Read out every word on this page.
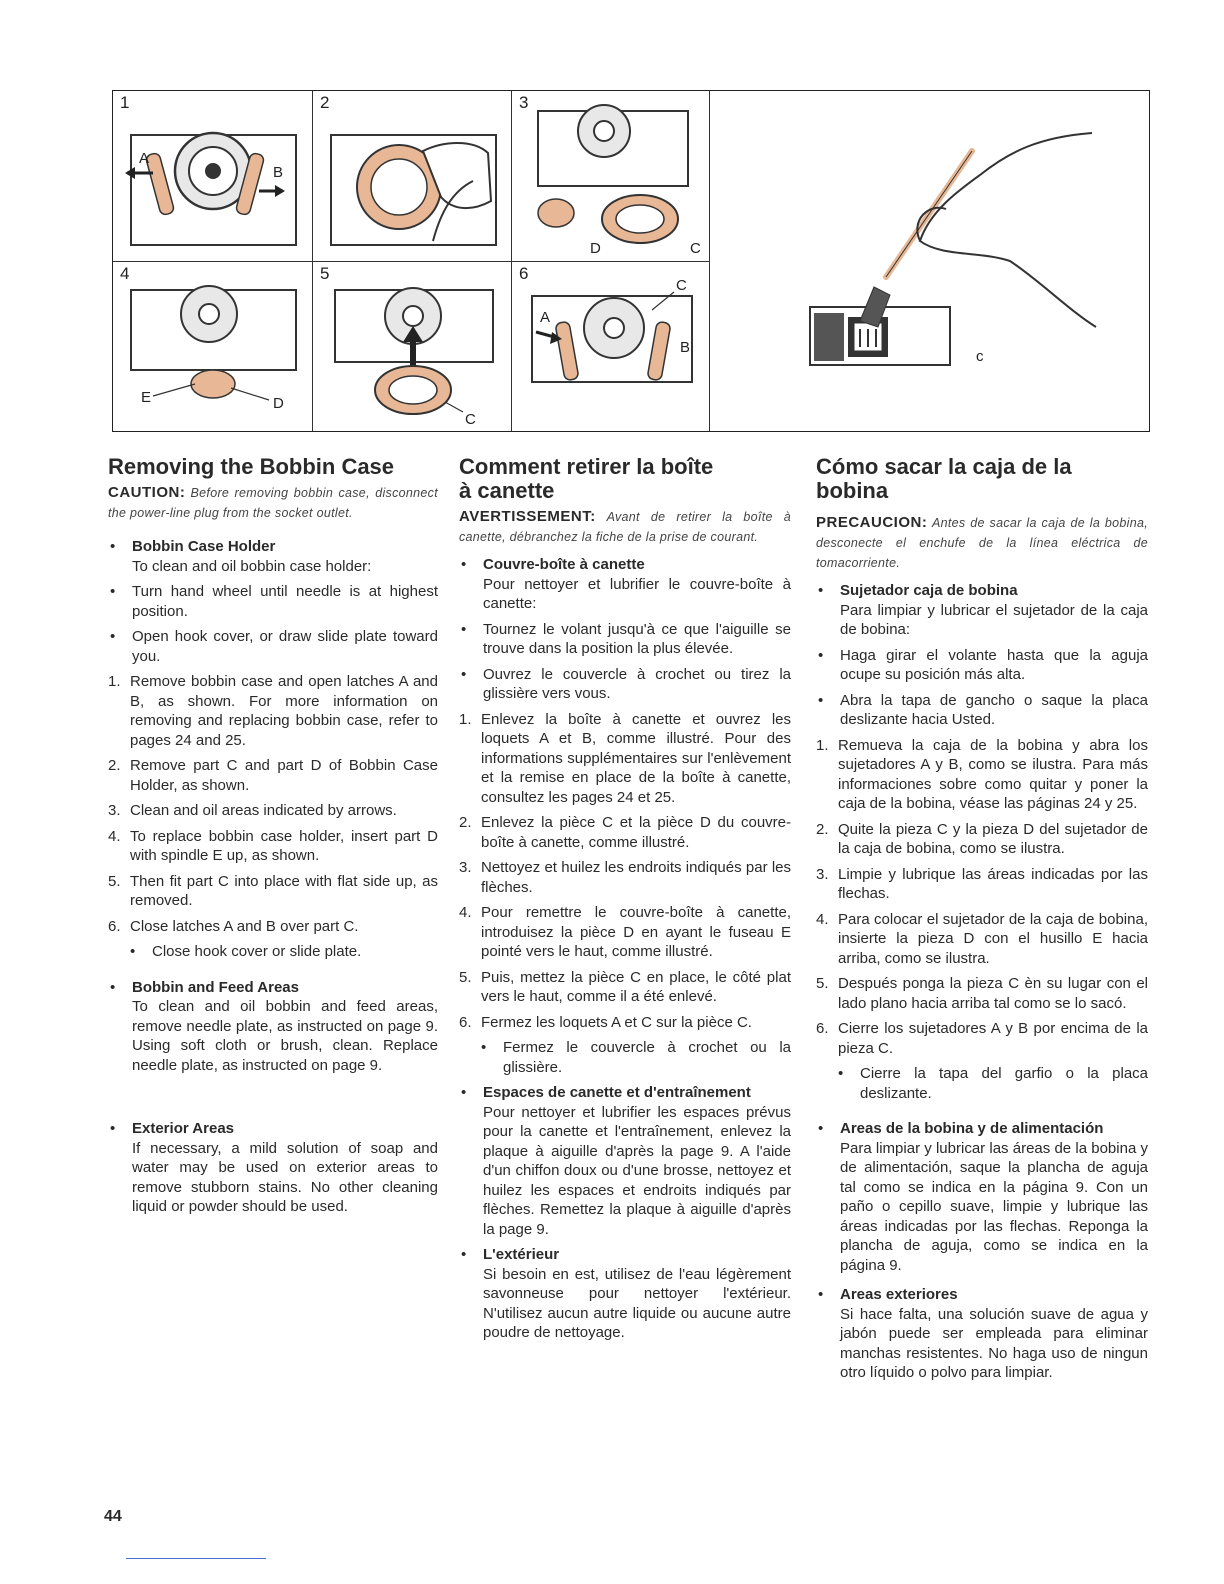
1
A
B
2	3
D	C
4
E	D
5
C
6
A
C
B
c
Removing the Bobbin Case

CAUTION: Before removing bobbin case, disconnect the power-line plug from the socket outlet.

• Bobbin Case Holder
To clean and oil bobbin case holder:
• Turn hand wheel until needle is at highest position.
• Open hook cover, or draw slide plate toward you.
1. Remove bobbin case and open latches A and B, as shown. For more information on removing and replacing bobbin case, refer to pages 24 and 25.
2. Remove part C and part D of Bobbin Case Holder, as shown.
3. Clean and oil areas indicated by arrows.
4. To replace bobbin case holder, insert part D with spindle E up, as shown.
5. Then fit part C into place with flat side up, as removed.
6. Close latches A and B over part C.
• Close hook cover or slide plate.
• Bobbin and Feed Areas
To clean and oil bobbin and feed areas, remove needle plate, as instructed on page 9. Using soft cloth or brush, clean. Replace needle plate, as instructed on page 9.
• Exterior Areas
If necessary, a mild solution of soap and water may be used on exterior areas to remove stubborn stains. No other cleaning liquid or powder should be used.
Comment retirer la boîte
à canette

AVERTISSEMENT: Avant de retirer la boîte à canette, débranchez la fiche de la prise de courant.

• Couvre-boîte à canette
Pour nettoyer et lubrifier le couvre-boîte à canette:
• Tournez le volant jusqu'à ce que l'aiguille se trouve dans la position la plus élevée.
• Ouvrez le couvercle à crochet ou tirez la glissière vers vous.
1. Enlevez la boîte à canette et ouvrez les loquets A et B, comme illustré. Pour des informations supplémentaires sur l'enlèvement et la remise en place de la boîte à canette, consultez les pages 24 et 25.
2. Enlevez la pièce C et la pièce D du couvre-boîte à canette, comme illustré.
3. Nettoyez et huilez les endroits indiqués par les flèches.
4. Pour remettre le couvre-boîte à canette, introduisez la pièce D en ayant le fuseau E pointé vers le haut, comme illustré.
5. Puis, mettez la pièce C en place, le côté plat vers le haut, comme il a été enlevé.
6. Fermez les loquets A et C sur la pièce C.
• Fermez le couvercle à crochet ou la glissière.
• Espaces de canette et d'entraînement
Pour nettoyer et lubrifier les espaces prévus pour la canette et l'entraînement, enlevez la plaque à aiguille d'après la page 9. A l'aide d'un chiffon doux ou d'une brosse, nettoyez et huilez les espaces et endroits indiqués par flèches. Remettez la plaque à aiguille d'après la page 9.
• L'extérieur
Si besoin en est, utilisez de l'eau légèrement savonneuse pour nettoyer l'extérieur. N'utilisez aucun autre liquide ou aucune autre poudre de nettoyage.
Cómo sacar la caja de la bobina

PRECAUCION: Antes de sacar la caja de la bobina, desconecte el enchufe de la línea eléctrica de tomacorriente.

• Sujetador caja de bobina
Para limpiar y lubricar el sujetador de la caja de bobina:
• Haga girar el volante hasta que la aguja ocupe su posición más alta.
• Abra la tapa de gancho o saque la placa deslizante hacia Usted.
1. Remueva la caja de la bobina y abra los sujetadores A y B, como se ilustra. Para más informaciones sobre como quitar y poner la caja de la bobina, véase las páginas 24 y 25.
2. Quite la pieza C y la pieza D del sujetador de la caja de bobina, como se ilustra.
3. Limpie y lubrique las áreas indicadas por las flechas.
4. Para colocar el sujetador de la caja de bobina, insierte la pieza D con el husillo E hacia arriba, como se ilustra.
5. Después ponga la pieza C èn su lugar con el lado plano hacia arriba tal como se lo sacó.
6. Cierre los sujetadores A y B por encima de la pieza C.
• Cierre la tapa del garfio o la placa deslizante.
• Areas de la bobina y de alimentación
Para limpiar y lubricar las áreas de la bobina y de alimentación, saque la plancha de aguja tal como se indica en la página 9. Con un paño o cepillo suave, limpie y lubrique las áreas indicadas por las flechas. Reponga la plancha de aguja, como se indica en la página 9.
• Areas exteriores
Si hace falta, una solución suave de agua y jabón puede ser empleada para eliminar manchas resistentes. No haga uso de ningun otro líquido o polvo para limpiar.
44
